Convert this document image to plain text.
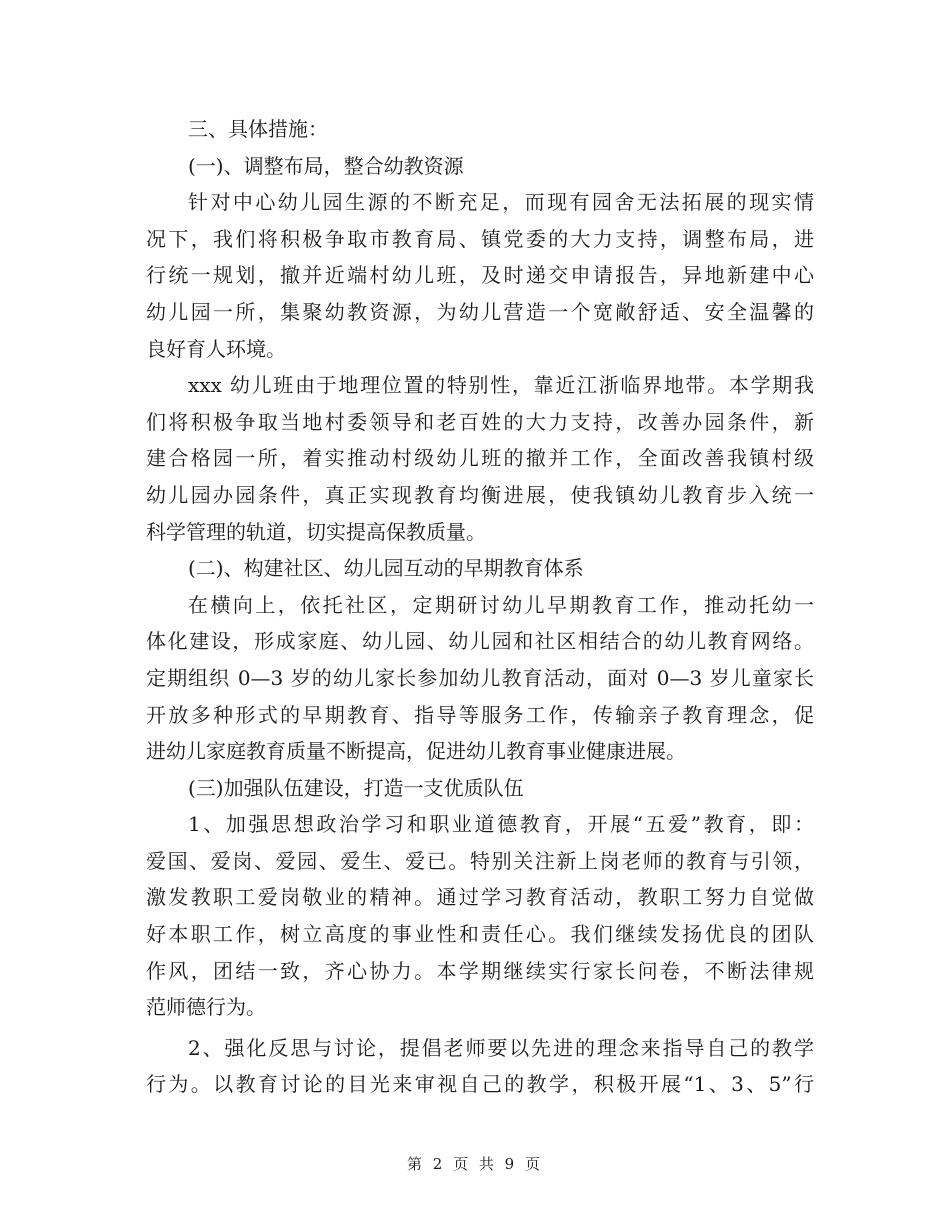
三、具体措施：
(一)、调整布局，整合幼教资源
针对中心幼儿园生源的不断充足，而现有园舍无法拓展的现实情
况下，我们将积极争取市教育局、镇党委的大力支持，调整布局，进
行统一规划，撤并近端村幼儿班，及时递交申请报告，异地新建中心
幼儿园一所，集聚幼教资源，为幼儿营造一个宽敞舒适、安全温馨的
良好育人环境。
xxx 幼儿班由于地理位置的特别性，靠近江浙临界地带。本学期我
们将积极争取当地村委领导和老百姓的大力支持，改善办园条件，新
建合格园一所，着实推动村级幼儿班的撤并工作，全面改善我镇村级
幼儿园办园条件，真正实现教育均衡进展，使我镇幼儿教育步入统一
科学管理的轨道，切实提高保教质量。
(二)、构建社区、幼儿园互动的早期教育体系
在横向上，依托社区，定期研讨幼儿早期教育工作，推动托幼一
体化建设，形成家庭、幼儿园、幼儿园和社区相结合的幼儿教育网络。
定期组织 0—3 岁的幼儿家长参加幼儿教育活动，面对 0—3 岁儿童家长
开放多种形式的早期教育、指导等服务工作，传输亲子教育理念，促
进幼儿家庭教育质量不断提高，促进幼儿教育事业健康进展。
(三)加强队伍建设，打造一支优质队伍
1、加强思想政治学习和职业道德教育，开展“五爱”教育，即：
爱国、爱岗、爱园、爱生、爱已。特别关注新上岗老师的教育与引领，
激发教职工爱岗敬业的精神。通过学习教育活动，教职工努力自觉做
好本职工作，树立高度的事业性和责任心。我们继续发扬优良的团队
作风，团结一致，齐心协力。本学期继续实行家长问卷，不断法律规
范师德行为。
2、强化反思与讨论，提倡老师要以先进的理念来指导自己的教学
行为。以教育讨论的目光来审视自己的教学，积极开展“1、3、5”行
第 2 页 共 9 页
